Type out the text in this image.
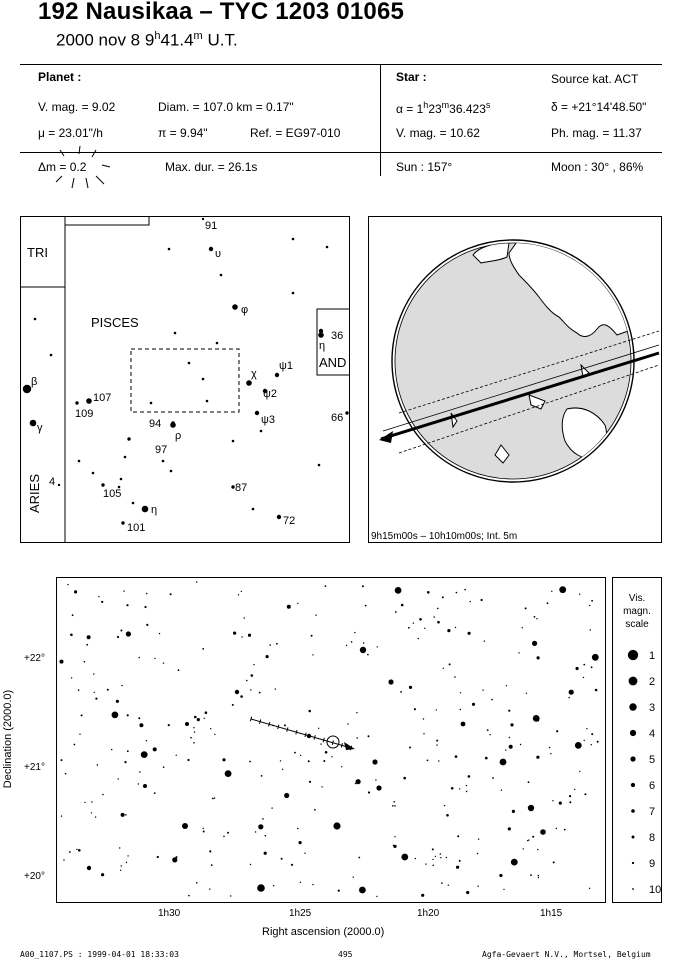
192 Nausikaa – TYC 1203 01065
2000 nov 8 9$^h$41.4$^m$ U.T.
Planet :
V. mag. = 9.02	Diam. = 107.0 km = 0.17"
μ = 23.01"/h	π = 9.94"	Ref. = EG97-010
Δm = 0.2	Max. dur. = 26.1s
Star :	Source kat. ACT
$\alpha = 1^h23^m36.423^s$	δ = +21°14'48.50"
V. mag. = 10.62	Ph. mag. = 11.37
Sun : 157°	Moon : 30° , 86%
TRI
PISCES
ARIES
AND
91
υ
φ
36
η
χ
ψ1
ψ2
ψ3	66
β
γ
107
109
94
ρ
97
4
105	87
η
72
101
9h15m00s – 10h10m00s; Int. 5m
+22°
+21°
+20°
1h30	1h25	1h20	1h15
Right ascension (2000.0)
Declination (2000.0)
Vis.
magn.
scale
1
2
3
4
5
6
7
8
9
10
A00_1107.PS : 1999-04-01 18:33:03	495	Agfa-Gevaert N.V., Mortsel, Belgium
